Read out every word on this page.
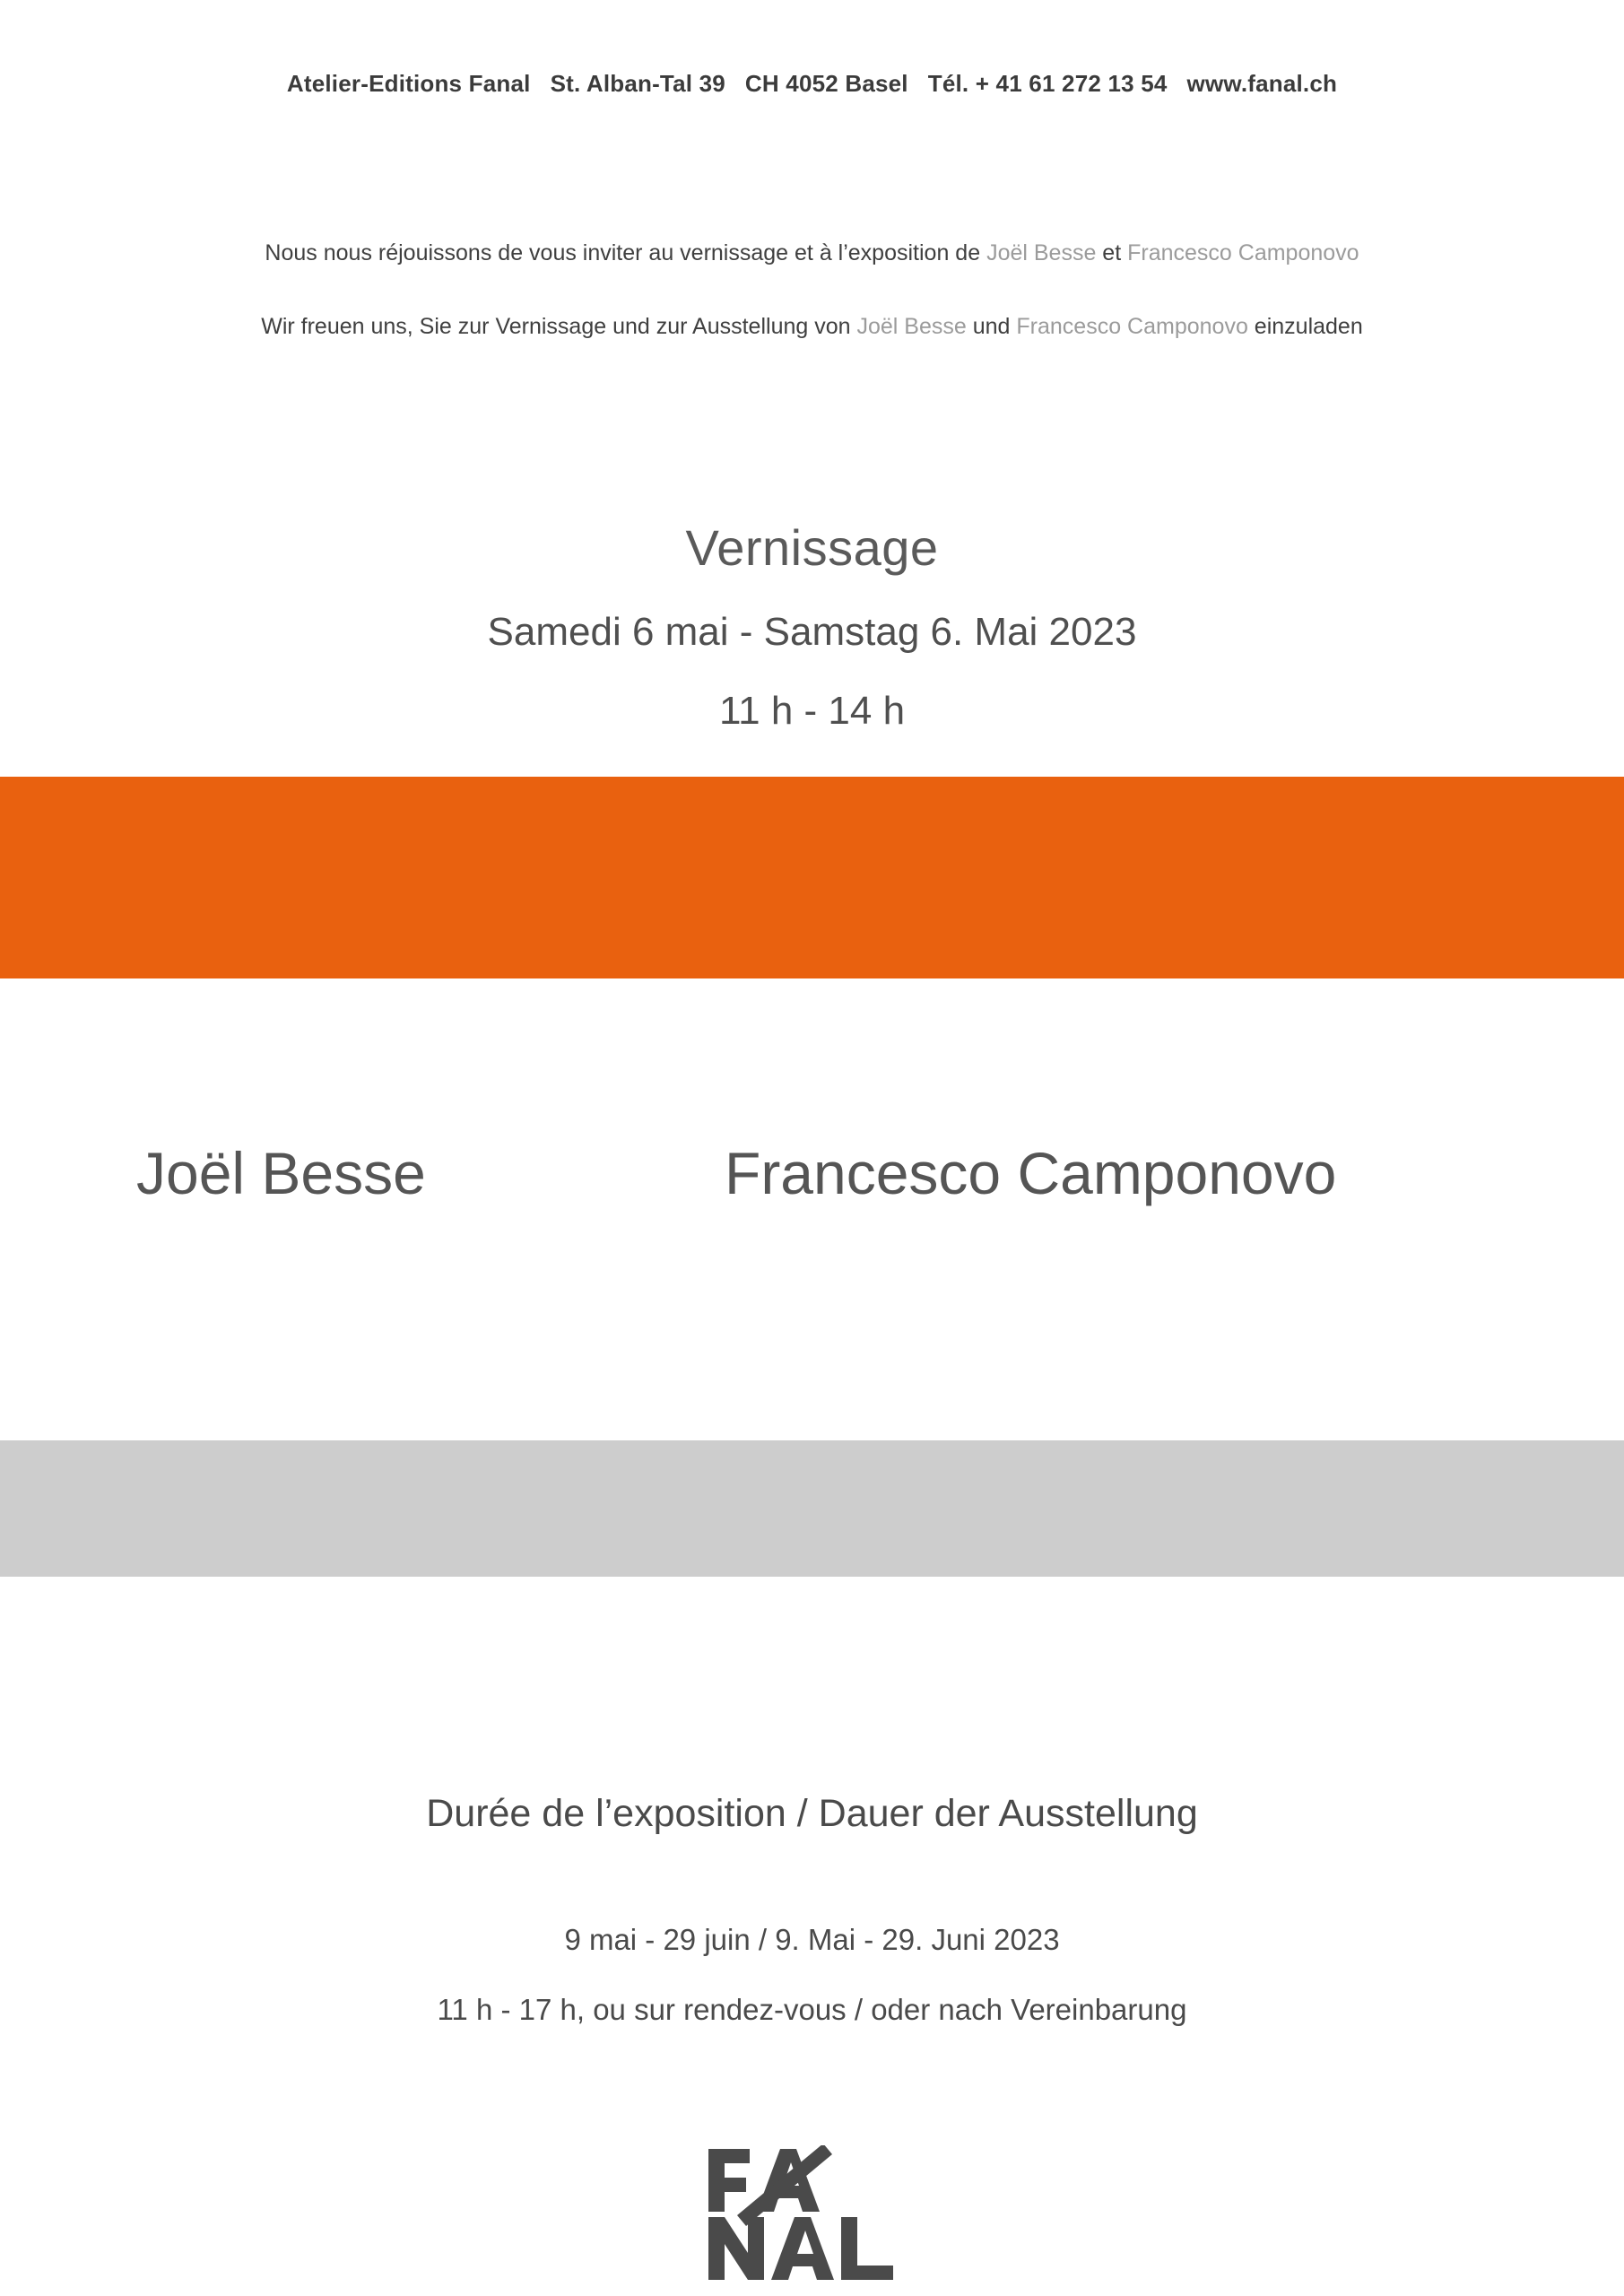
Atelier-Editions Fanal St. Alban-Tal 39 CH 4052 Basel Tél. + 41 61 272 13 54 www.fanal.ch
Nous nous réjouissons de vous inviter au vernissage et à l’exposition de Joël Besse et Francesco Camponovo
Wir freuen uns, Sie zur Vernissage und zur Ausstellung von Joël Besse und Francesco Camponovo einzuladen
Vernissage
Samedi 6 mai - Samstag 6. Mai 2023
11 h - 14 h
Joël Besse	Francesco Camponovo
Durée de l’exposition / Dauer der Ausstellung
9 mai - 29 juin / 9. Mai - 29. Juni 2023
11 h - 17 h, ou sur rendez-vous / oder nach Vereinbarung
